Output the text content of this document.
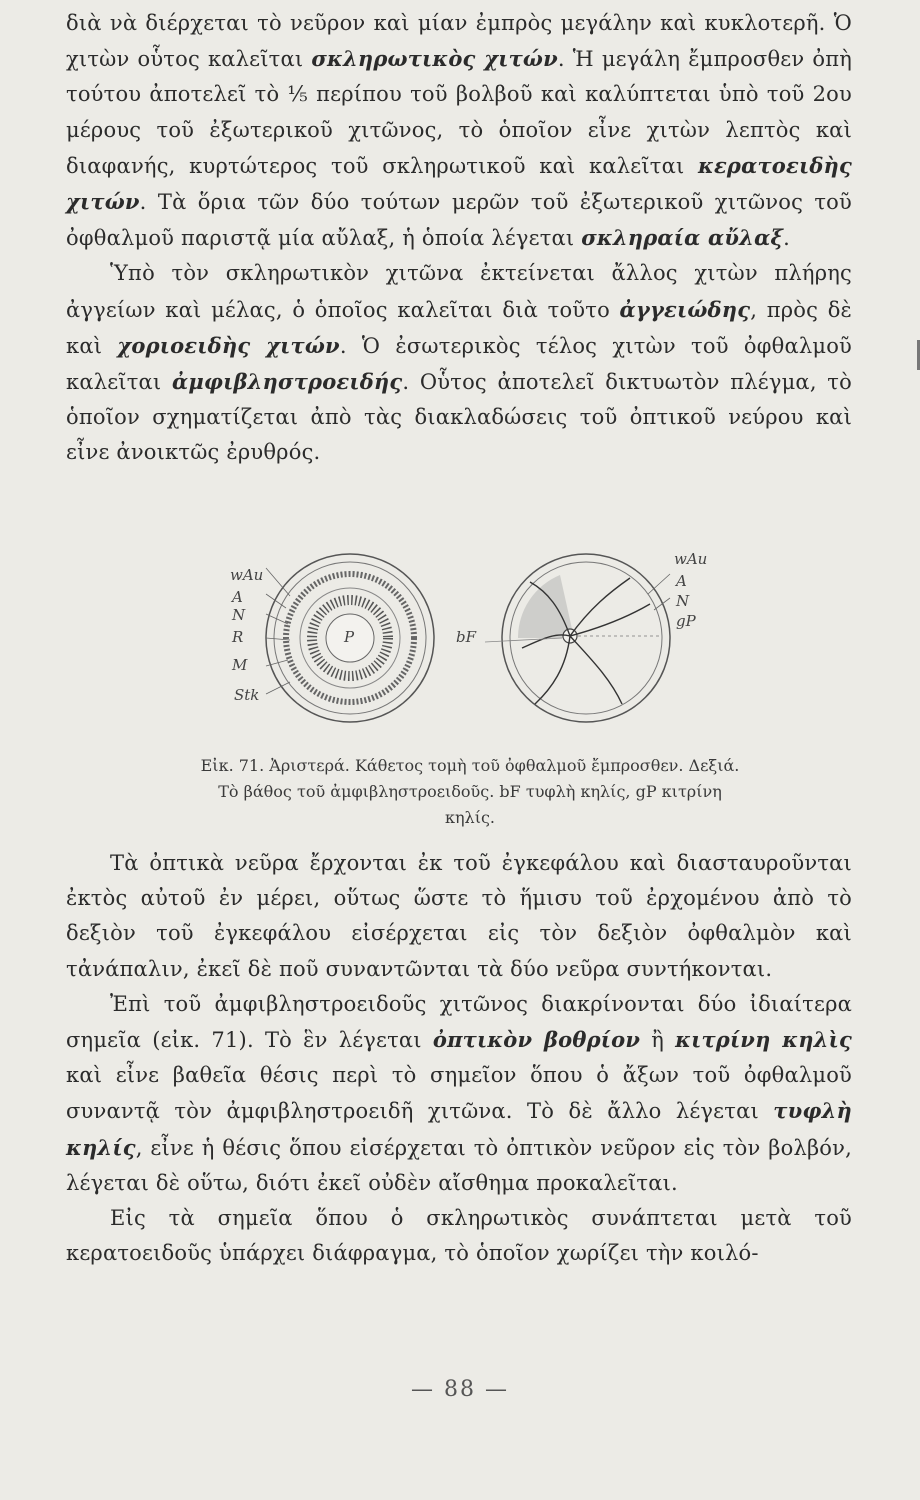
διὰ νὰ διέρχεται τὸ νεῦρον καὶ μίαν ἐμπρὸς μεγάλην καὶ κυκλοτερῆ. Ὁ χιτὼν οὗτος καλεῖται σκληρωτικὸς χιτών. Ἡ μεγάλη ἔμπροσθεν ὀπὴ τούτου ἀποτελεῖ τὸ ⅕ περίπου τοῦ βολβοῦ καὶ καλύπτεται ὑπὸ τοῦ 2ου μέρους τοῦ ἐξωτερικοῦ χιτῶνος, τὸ ὁποῖον εἶνε χιτὼν λεπτὸς καὶ διαφανής, κυρτώτερος τοῦ σκληρωτικοῦ καὶ καλεῖται κερατοειδὴς χιτών. Τὰ ὅρια τῶν δύο τούτων μερῶν τοῦ ἐξωτερικοῦ χιτῶνος τοῦ ὀφθαλμοῦ παριστᾷ μία αὔλαξ, ἡ ὁποία λέγεται σκληραία αὔλαξ.

Ὑπὸ τὸν σκληρωτικὸν χιτῶνα ἐκτείνεται ἄλλος χιτὼν πλήρης ἀγγείων καὶ μέλας, ὁ ὁποῖος καλεῖται διὰ τοῦτο ἀγγειώδης, πρὸς δὲ καὶ χοριοειδὴς χιτών. Ὁ ἐσωτερικὸς τέλος χιτὼν τοῦ ὀφθαλμοῦ καλεῖται ἀμφιβληστροειδής. Οὗτος ἀποτελεῖ δικτυωτὸν πλέγμα, τὸ ὁποῖον σχηματίζεται ἀπὸ τὰς διακλαδώσεις τοῦ ὀπτικοῦ νεύρου καὶ εἶνε ἀνοικτῶς ἐρυθρός.

wAu
A
N
R
M
Stk
P	bF
wAu
A
N
gP
Εἰκ. 71. Ἀριστερά. Κάθετος τομὴ τοῦ ὀφθαλμοῦ ἔμπροσθεν. Δεξιά. Τὸ βάθος τοῦ ἀμφιβληστροειδοῦς. bF τυφλὴ κηλίς, gP κιτρίνη κηλίς.

Τὰ ὀπτικὰ νεῦρα ἔρχονται ἐκ τοῦ ἐγκεφάλου καὶ διασταυροῦνται ἐκτὸς αὐτοῦ ἐν μέρει, οὕτως ὥστε τὸ ἥμισυ τοῦ ἐρχομένου ἀπὸ τὸ δεξιὸν τοῦ ἐγκεφάλου εἰσέρχεται εἰς τὸν δεξιὸν ὀφθαλμὸν καὶ τἀνάπαλιν, ἐκεῖ δὲ ποῦ συναντῶνται τὰ δύο νεῦρα συντήκονται.

Ἐπὶ τοῦ ἀμφιβληστροειδοῦς χιτῶνος διακρίνονται δύο ἰδιαίτερα σημεῖα (εἰκ. 71). Τὸ ἓν λέγεται ὀπτικὸν βοθρίον ἢ κιτρίνη κηλὶς καὶ εἶνε βαθεῖα θέσις περὶ τὸ σημεῖον ὅπου ὁ ἄξων τοῦ ὀφθαλμοῦ συναντᾷ τὸν ἀμφιβληστροειδῆ χιτῶνα. Τὸ δὲ ἄλλο λέγεται τυφλὴ κηλίς, εἶνε ἡ θέσις ὅπου εἰσέρχεται τὸ ὀπτικὸν νεῦρον εἰς τὸν βολβόν, λέγεται δὲ οὕτω, διότι ἐκεῖ οὐδὲν αἴσθημα προκαλεῖται.

Εἰς τὰ σημεῖα ὅπου ὁ σκληρωτικὸς συνάπτεται μετὰ τοῦ κερατοειδοῦς ὑπάρχει διάφραγμα, τὸ ὁποῖον χωρίζει τὴν κοιλό-

— 88 —
